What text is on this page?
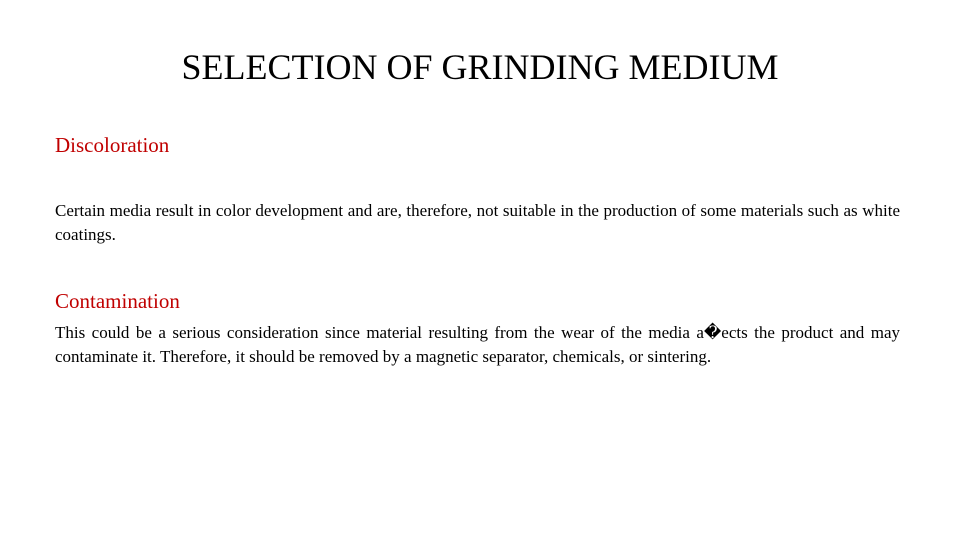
SELECTION OF GRINDING MEDIUM
Discoloration
Certain media result in color development and are, therefore, not suitable in the production of some materials such as white coatings.
Contamination
This could be a serious consideration since material resulting from the wear of the media a�ects the product and may contaminate it. Therefore, it should be removed by a magnetic separator, chemicals, or sintering.
